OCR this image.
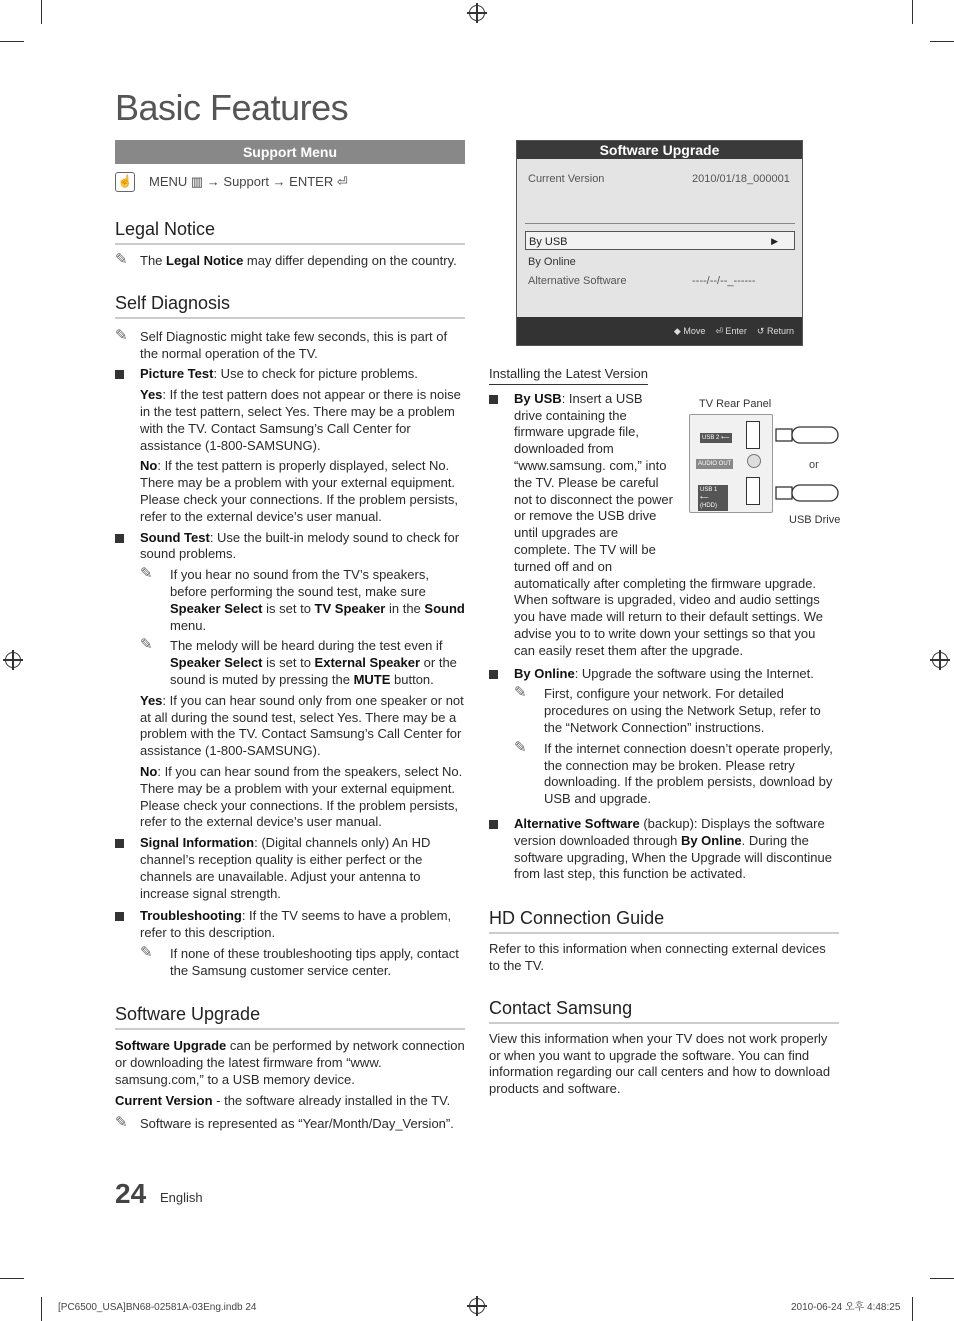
Basic Features
Support Menu
☝ MENU ▥ → Support → ENTER ⏎
Legal Notice

✎ The Legal Notice may differ depending on the country.

Self Diagnosis

✎ Self Diagnostic might take few seconds, this is part of the normal operation of the TV.

Picture Test: Use to check for picture problems.

Yes: If the test pattern does not appear or there is noise in the test pattern, select Yes. There may be a problem with the TV. Contact Samsung’s Call Center for assistance (1-800-SAMSUNG).

No: If the test pattern is properly displayed, select No. There may be a problem with your external equipment. Please check your connections. If the problem persists, refer to the external device’s user manual.

Sound Test: Use the built-in melody sound to check for sound problems.

✎ If you hear no sound from the TV’s speakers, before performing the sound test, make sure Speaker Select is set to TV Speaker in the Sound menu.

✎ The melody will be heard during the test even if Speaker Select is set to External Speaker or the sound is muted by pressing the MUTE button.

Yes: If you can hear sound only from one speaker or not at all during the sound test, select Yes. There may be a problem with the TV. Contact Samsung’s Call Center for assistance (1-800-SAMSUNG).

No: If you can hear sound from the speakers, select No. There may be a problem with your external equipment. Please check your connections. If the problem persists, refer to the external device’s user manual.

Signal Information: (Digital channels only) An HD channel’s reception quality is either perfect or the channels are unavailable. Adjust your antenna to increase signal strength.

Troubleshooting: If the TV seems to have a problem, refer to this description.

✎ If none of these troubleshooting tips apply, contact the Samsung customer service center.

Software Upgrade

Software Upgrade can be performed by network connection or downloading the latest firmware from “www. samsung.com,” to a USB memory device.

Current Version - the software already installed in the TV.

✎ Software is represented as “Year/Month/Day_Version”.

Software Upgrade
Current Version	2010/01/18_000001
By USB	▶
By Online
Alternative Software	----/--/--_------
◆ Move ⏎ Enter ↺ Return

Installing the Latest Version

By USB: Insert a USB drive containing the firmware upgrade file, downloaded from “www.samsung. com,” into the TV. Please be careful not to disconnect the power or remove the USB drive until upgrades are complete. The TV will be turned off and on

automatically after completing the firmware upgrade. When software is upgraded, video and audio settings you have made will return to their default settings. We advise you to to write down your settings so that you can easily reset them after the upgrade.

By Online: Upgrade the software using the Internet.

✎ First, configure your network. For detailed procedures on using the Network Setup, refer to the “Network Connection” instructions.

✎ If the internet connection doesn’t operate properly, the connection may be broken. Please retry downloading. If the problem persists, download by USB and upgrade.

Alternative Software (backup): Displays the software version downloaded through By Online. During the software upgrading, When the Upgrade will discontinue from last step, this function be activated.

HD Connection Guide

Refer to this information when connecting external devices to the TV.

Contact Samsung

View this information when your TV does not work properly or when you want to upgrade the software. You can find information regarding our call centers and how to download products and software.

TV Rear Panel
USB 2 ⟵
AUDIO OUT
USB 1 ⟵ (HDD)
or
USB Drive
24 English
[PC6500_USA]BN68-02581A-03Eng.indb 24	2010-06-24 오후 4:48:25
